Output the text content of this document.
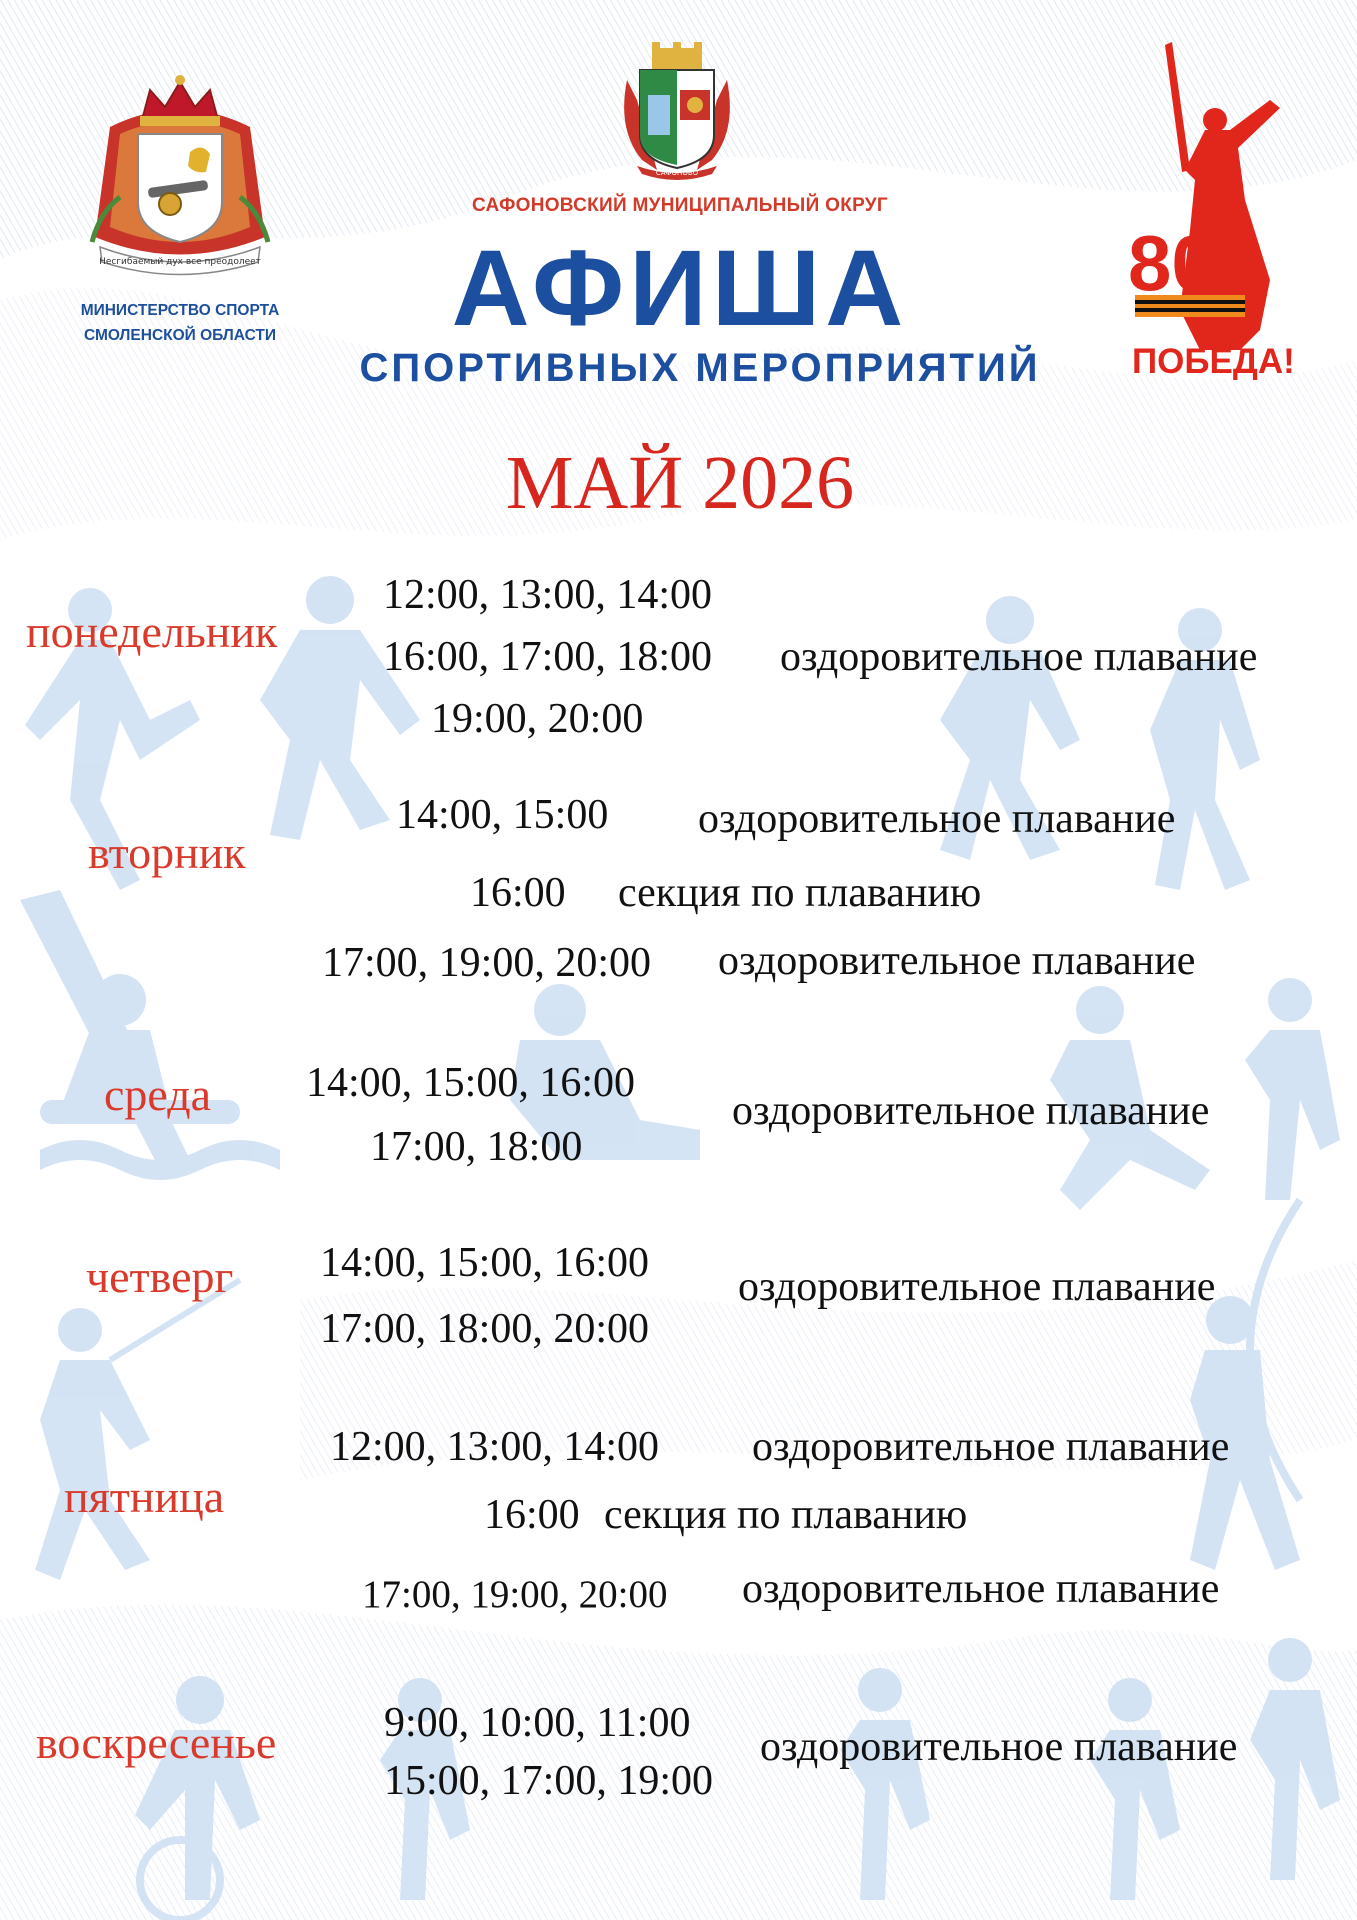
Несгибаемый дух все преодолеет
МИНИСТЕРСТВО СПОРТА
СМОЛЕНСКОЙ ОБЛАСТИ
САФОНОВО
САФОНОВСКИЙ МУНИЦИПАЛЬНЫЙ ОКРУГ
АФИША
СПОРТИВНЫХ МЕРОПРИЯТИЙ
80
ПОБЕДА!
МАЙ 2026
понедельник
12:00, 13:00, 14:00
16:00, 17:00, 18:00
19:00, 20:00
оздоровительное плавание
вторник
14:00, 15:00 оздоровительное плавание
16:00 секция по плаванию
17:00, 19:00, 20:00 оздоровительное плавание
среда 14:00, 15:00, 16:00
17:00, 18:00
оздоровительное плавание
четверг 14:00, 15:00, 16:00
17:00, 18:00, 20:00
оздоровительное плавание
пятница
12:00, 13:00, 14:00 оздоровительное плавание
16:00 секция по плаванию
17:00, 19:00, 20:00 оздоровительное плавание
воскресенье	9:00, 10:00, 11:00
15:00, 17:00, 19:00
оздоровительное плавание
